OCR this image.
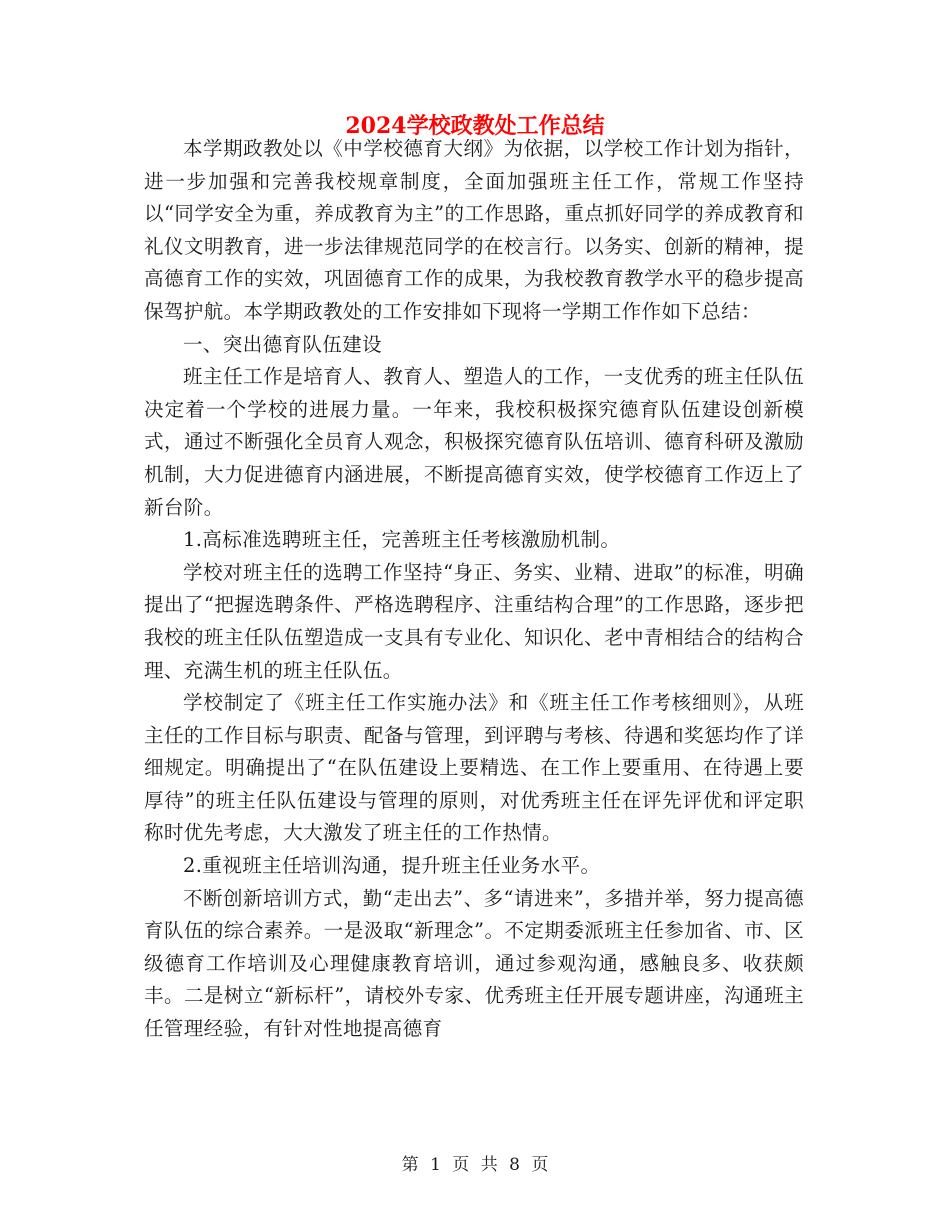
2024学校政教处工作总结

本学期政教处以《中学校德育大纲》为依据，以学校工作计划为指针，进一步加强和完善我校规章制度，全面加强班主任工作，常规工作坚持以“同学安全为重，养成教育为主”的工作思路，重点抓好同学的养成教育和礼仪文明教育，进一步法律规范同学的在校言行。以务实、创新的精神，提高德育工作的实效，巩固德育工作的成果，为我校教育教学水平的稳步提高保驾护航。本学期政教处的工作安排如下现将一学期工作作如下总结：

一、突出德育队伍建设

班主任工作是培育人、教育人、塑造人的工作，一支优秀的班主任队伍决定着一个学校的进展力量。一年来，我校积极探究德育队伍建设创新模式，通过不断强化全员育人观念，积极探究德育队伍培训、德育科研及激励机制，大力促进德育内涵进展，不断提高德育实效，使学校德育工作迈上了新台阶。

1.高标准选聘班主任，完善班主任考核激励机制。

学校对班主任的选聘工作坚持“身正、务实、业精、进取”的标准，明确提出了“把握选聘条件、严格选聘程序、注重结构合理”的工作思路，逐步把我校的班主任队伍塑造成一支具有专业化、知识化、老中青相结合的结构合理、充满生机的班主任队伍。

学校制定了《班主任工作实施办法》和《班主任工作考核细则》，从班主任的工作目标与职责、配备与管理，到评聘与考核、待遇和奖惩均作了详细规定。明确提出了“在队伍建设上要精选、在工作上要重用、在待遇上要厚待”的班主任队伍建设与管理的原则，对优秀班主任在评先评优和评定职称时优先考虑，大大激发了班主任的工作热情。

2.重视班主任培训沟通，提升班主任业务水平。

不断创新培训方式，勤“走出去”、多“请进来”，多措并举，努力提高德育队伍的综合素养。一是汲取“新理念”。不定期委派班主任参加省、市、区级德育工作培训及心理健康教育培训，通过参观沟通，感触良多、收获颇丰。二是树立“新标杆”，请校外专家、优秀班主任开展专题讲座，沟通班主任管理经验，有针对性地提高德育

第 1 页 共 8 页
